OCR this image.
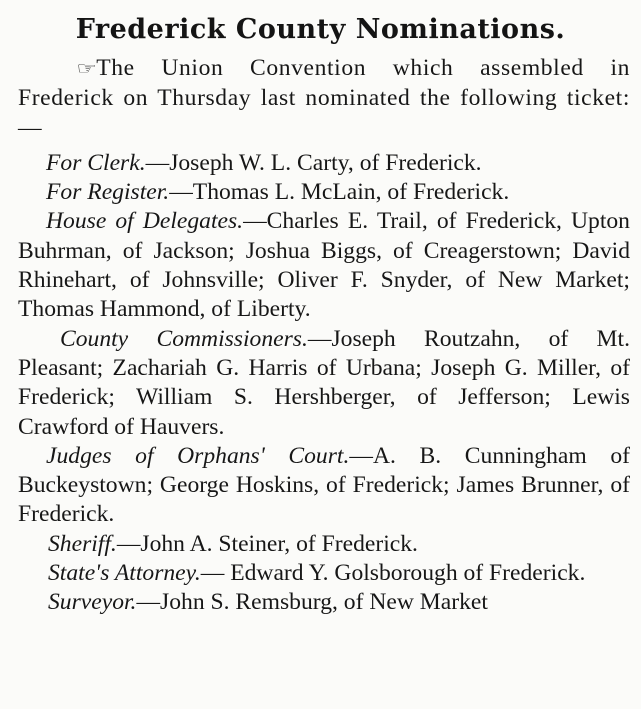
Frederick County Nominations.

☞The Union Convention which assembled in Frederick on Thursday last nominated the following ticket:—

For Clerk.—Joseph W. L. Carty, of Frederick.

For Register.—Thomas L. McLain, of Frederick.

House of Delegates.—Charles E. Trail, of Frederick, Upton Buhrman, of Jackson; Joshua Biggs, of Creagerstown; David Rhinehart, of Johnsville; Oliver F. Snyder, of New Market; Thomas Hammond, of Liberty.

County Commissioners.—Joseph Routzahn, of Mt. Pleasant; Zachariah G. Harris of Urbana; Joseph G. Miller, of Frederick; William S. Hershberger, of Jefferson; Lewis Crawford of Hauvers.

Judges of Orphans' Court.—A. B. Cunningham of Buckeystown; George Hoskins, of Frederick; James Brunner, of Frederick.

Sheriff.—John A. Steiner, of Frederick.

State's Attorney.— Edward Y. Golsborough of Frederick.

Surveyor.—John S. Remsburg, of New Market
